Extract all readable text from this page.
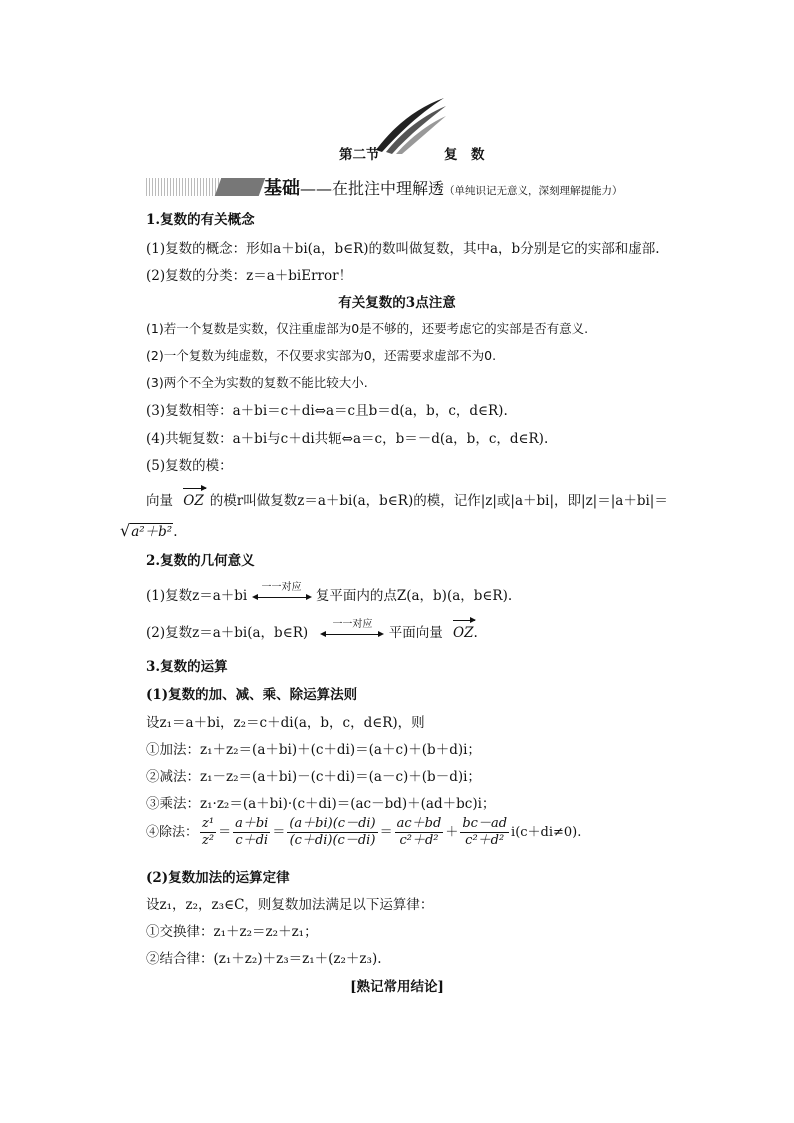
第二节	复　数
基础——在批注中理解透（单纯识记无意义，深刻理解提能力）
1.复数的有关概念
(1)复数的概念：形如a＋bi(a，b∈R)的数叫做复数，其中a，b分别是它的实部和虚部.
(2)复数的分类：z＝a＋biError！
有关复数的3点注意
(1)若一个复数是实数，仅注重虚部为0是不够的，还要考虑它的实部是否有意义.
(2)一个复数为纯虚数，不仅要求实部为0，还需要求虚部不为0.
(3)两个不全为实数的复数不能比较大小.
(3)复数相等：a＋bi＝c＋di⇔a＝c且b＝d(a，b，c，d∈R).
(4)共轭复数：a＋bi与c＋di共轭⇔a＝c，b＝－d(a，b，c，d∈R).
(5)复数的模：
向量 OZ 的模r叫做复数z＝a＋bi(a，b∈R)的模，记作|z|或|a＋bi|，即|z|＝|a＋bi|＝
√a²＋b².
2.复数的几何意义
(1)复数z＝a＋bi
一一对应
复平面内的点Z(a，b)(a，b∈R).
(2)复数z＝a＋bi(a，b∈R)
一一对应
平面向量 OZ.
3.复数的运算
(1)复数的加、减、乘、除运算法则
设z₁＝a＋bi，z₂＝c＋di(a，b，c，d∈R)，则
①加法：z₁＋z₂＝(a＋bi)＋(c＋di)＝(a＋c)＋(b＋d)i；
②减法：z₁－z₂＝(a＋bi)－(c＋di)＝(a－c)＋(b－d)i；
③乘法：z₁·z₂＝(a＋bi)·(c＋di)＝(ac－bd)＋(ad＋bc)i；
④除法： $\frac{\text{z¹}}{\text{z²}} = \frac{a+bi}{c+di} = \frac{(a+bi)(c-di)}{(c+di)(c-di)} = \frac{ac+bd}{\text{c²＋d²}} + \frac{bc-ad}{\text{c²＋d²}} i(c+di\ne 0)$.
(2)复数加法的运算定律
设z₁，z₂，z₃∈C，则复数加法满足以下运算律：
①交换律：z₁＋z₂＝z₂＋z₁；
②结合律：(z₁＋z₂)＋z₃＝z₁＋(z₂＋z₃).
[熟记常用结论]
